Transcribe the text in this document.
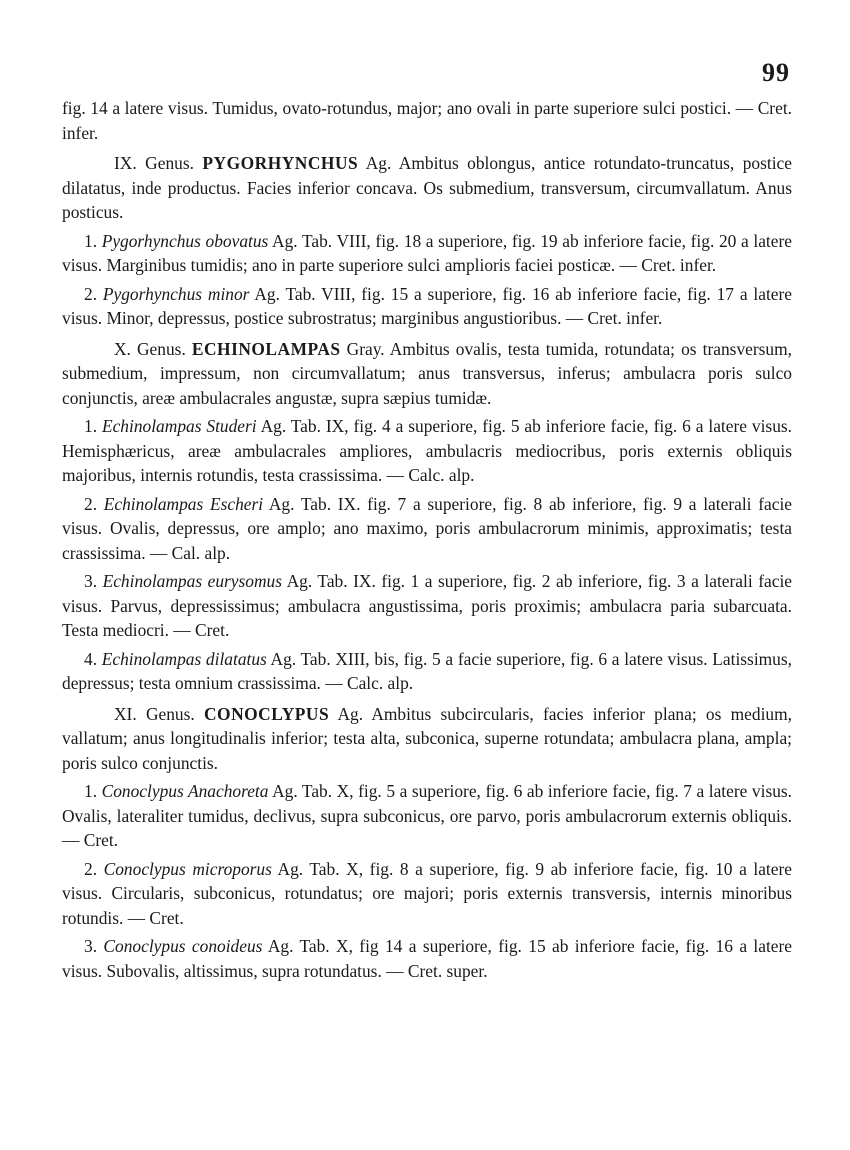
99

fig. 14 a latere visus. Tumidus, ovato-rotundus, major; ano ovali in parte superiore sulci postici. — Cret. infer.

IX. Genus. PYGORHYNCHUS Ag. Ambitus oblongus, antice rotundato-truncatus, postice dilatatus, inde productus. Facies inferior concava. Os submedium, transversum, circumvallatum. Anus posticus.

1. Pygorhynchus obovatus Ag. Tab. VIII, fig. 18 a superiore, fig. 19 ab inferiore facie, fig. 20 a latere visus. Marginibus tumidis; ano in parte superiore sulci amplioris faciei posticæ. — Cret. infer.

2. Pygorhynchus minor Ag. Tab. VIII, fig. 15 a superiore, fig. 16 ab inferiore facie, fig. 17 a latere visus. Minor, depressus, postice subrostratus; marginibus angustioribus. — Cret. infer.

X. Genus. ECHINOLAMPAS Gray. Ambitus ovalis, testa tumida, rotundata; os transversum, submedium, impressum, non circumvallatum; anus transversus, inferus; ambulacra poris sulco conjunctis, areæ ambulacrales angustæ, supra sæpius tumidæ.

1. Echinolampas Studeri Ag. Tab. IX, fig. 4 a superiore, fig. 5 ab inferiore facie, fig. 6 a latere visus. Hemisphæricus, areæ ambulacrales ampliores, ambulacris mediocribus, poris externis obliquis majoribus, internis rotundis, testa crassissima. — Calc. alp.

2. Echinolampas Escheri Ag. Tab. IX. fig. 7 a superiore, fig. 8 ab inferiore, fig. 9 a laterali facie visus. Ovalis, depressus, ore amplo; ano maximo, poris ambulacrorum minimis, approximatis; testa crassissima. — Cal. alp.

3. Echinolampas eurysomus Ag. Tab. IX. fig. 1 a superiore, fig. 2 ab inferiore, fig. 3 a laterali facie visus. Parvus, depressissimus; ambulacra angustissima, poris proximis; ambulacra paria subarcuata. Testa mediocri. — Cret.

4. Echinolampas dilatatus Ag. Tab. XIII, bis, fig. 5 a facie superiore, fig. 6 a latere visus. Latissimus, depressus; testa omnium crassissima. — Calc. alp.

XI. Genus. CONOCLYPUS Ag. Ambitus subcircularis, facies inferior plana; os medium, vallatum; anus longitudinalis inferior; testa alta, subconica, superne rotundata; ambulacra plana, ampla; poris sulco conjunctis.

1. Conoclypus Anachoreta Ag. Tab. X, fig. 5 a superiore, fig. 6 ab inferiore facie, fig. 7 a latere visus. Ovalis, lateraliter tumidus, declivus, supra subconicus, ore parvo, poris ambulacrorum externis obliquis. — Cret.

2. Conoclypus microporus Ag. Tab. X, fig. 8 a superiore, fig. 9 ab inferiore facie, fig. 10 a latere visus. Circularis, subconicus, rotundatus; ore majori; poris externis transversis, internis minoribus rotundis. — Cret.

3. Conoclypus conoideus Ag. Tab. X, fig 14 a superiore, fig. 15 ab inferiore facie, fig. 16 a latere visus. Subovalis, altissimus, supra rotundatus. — Cret. super.
